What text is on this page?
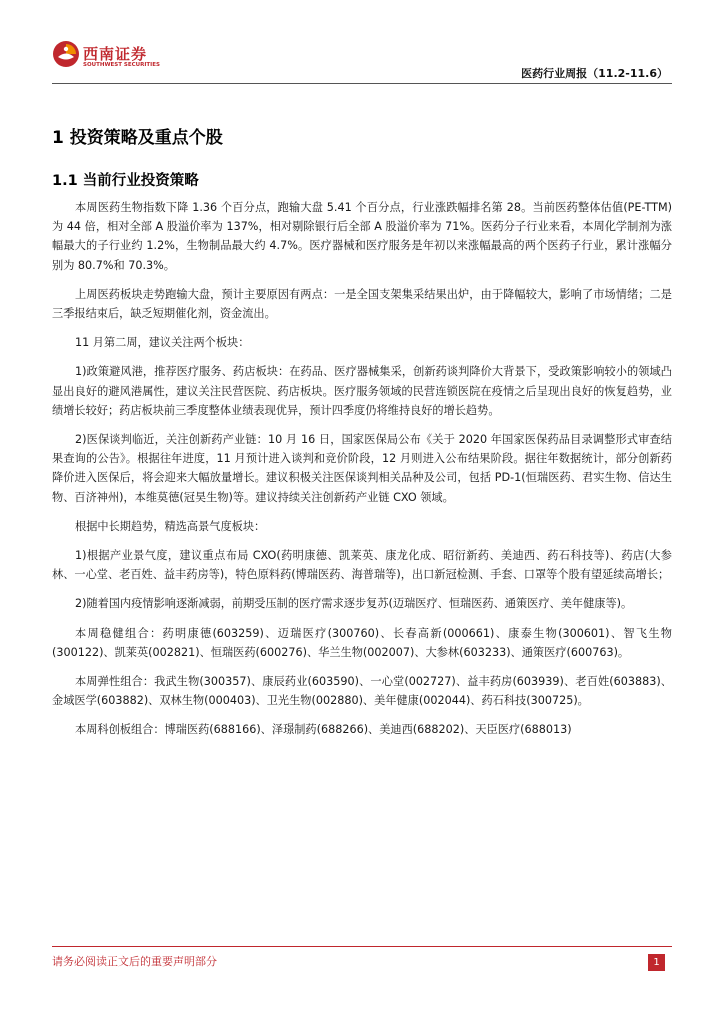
西南证券
SOUTHWEST SECURITIES
医药行业周报（11.2-11.6）
1 投资策略及重点个股
1.1 当前行业投资策略

本周医药生物指数下降 1.36 个百分点，跑输大盘 5.41 个百分点，行业涨跌幅排名第 28。当前医药整体估值(PE-TTM)为 44 倍，相对全部 A 股溢价率为 137%，相对剔除银行后全部 A 股溢价率为 71%。医药分子行业来看，本周化学制剂为涨幅最大的子行业约 1.2%，生物制品最大约 4.7%。医疗器械和医疗服务是年初以来涨幅最高的两个医药子行业，累计涨幅分别为 80.7%和 70.3%。

上周医药板块走势跑输大盘，预计主要原因有两点：一是全国支架集采结果出炉，由于降幅较大，影响了市场情绪；二是三季报结束后，缺乏短期催化剂，资金流出。

11 月第二周，建议关注两个板块：

1)政策避风港，推荐医疗服务、药店板块：在药品、医疗器械集采，创新药谈判降价大背景下，受政策影响较小的领域凸显出良好的避风港属性，建议关注民营医院、药店板块。医疗服务领域的民营连锁医院在疫情之后呈现出良好的恢复趋势，业绩增长较好；药店板块前三季度整体业绩表现优异，预计四季度仍将维持良好的增长趋势。

2)医保谈判临近，关注创新药产业链：10 月 16 日，国家医保局公布《关于 2020 年国家医保药品目录调整形式审查结果查询的公告》。根据往年进度，11 月预计进入谈判和竞价阶段，12 月则进入公布结果阶段。据往年数据统计，部分创新药降价进入医保后，将会迎来大幅放量增长。建议积极关注医保谈判相关品种及公司，包括 PD-1(恒瑞医药、君实生物、信达生物、百济神州)，本维莫德(冠昊生物)等。建议持续关注创新药产业链 CXO 领域。

根据中长期趋势，精选高景气度板块：

1)根据产业景气度，建议重点布局 CXO(药明康德、凯莱英、康龙化成、昭衍新药、美迪西、药石科技等)、药店(大参林、一心堂、老百姓、益丰药房等)，特色原料药(博瑞医药、海普瑞等)，出口新冠检测、手套、口罩等个股有望延续高增长；

2)随着国内疫情影响逐渐减弱，前期受压制的医疗需求逐步复苏(迈瑞医疗、恒瑞医药、通策医疗、美年健康等)。

本周稳健组合：药明康德(603259)、迈瑞医疗(300760)、长春高新(000661)、康泰生物(300601)、智飞生物(300122)、凯莱英(002821)、恒瑞医药(600276)、华兰生物(002007)、大参林(603233)、通策医疗(600763)。

本周弹性组合：我武生物(300357)、康辰药业(603590)、一心堂(002727)、益丰药房(603939)、老百姓(603883)、金域医学(603882)、双林生物(000403)、卫光生物(002880)、美年健康(002044)、药石科技(300725)。

本周科创板组合：博瑞医药(688166)、泽璟制药(688266)、美迪西(688202)、天臣医疗(688013)

请务必阅读正文后的重要声明部分	1
